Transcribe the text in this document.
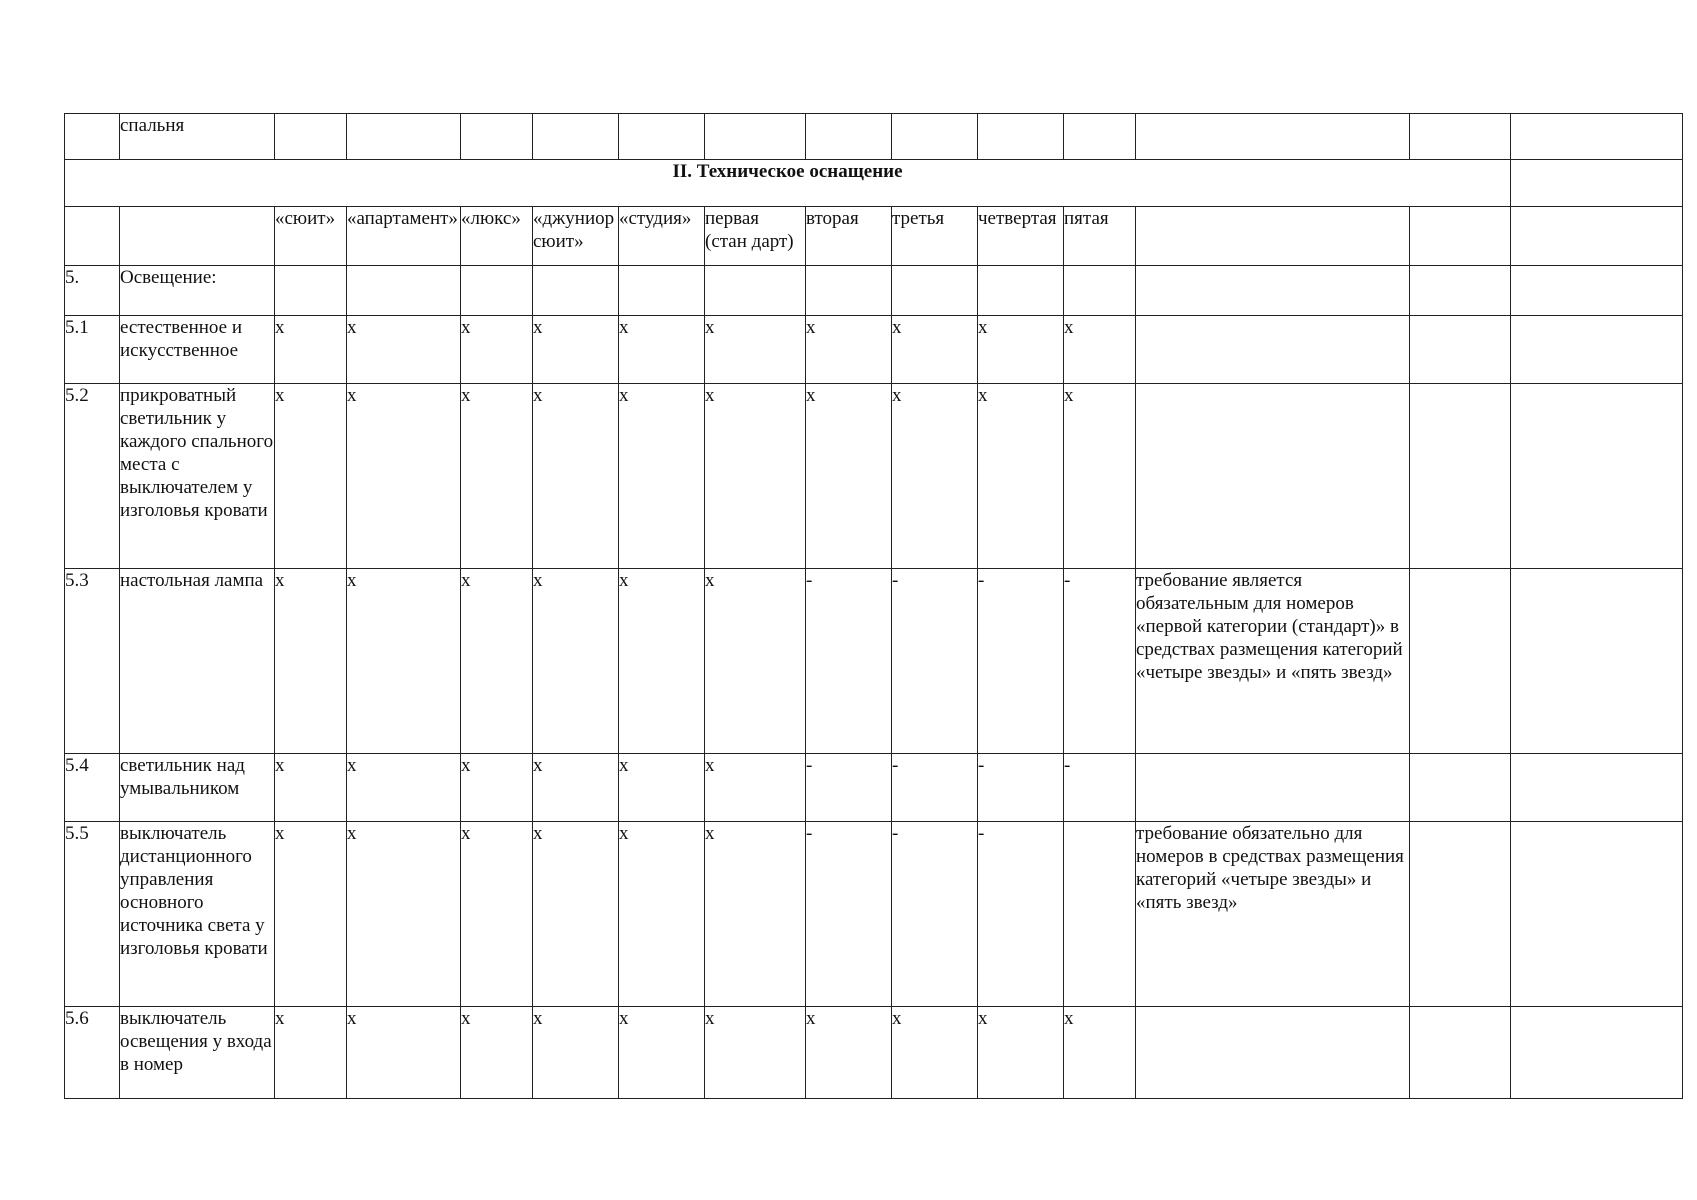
	спальня													
II. Техническое оснащение														
		«сюит»	«апартамент»	«люкс»	«джуниор сюит»	«студия»	первая (стан дарт)	вторая	третья	четвертая	пятая			
5.	Освещение:													
5.1	естественное и искусственное	х	х	х	х	х	х	х	х	х	х			
5.2	прикроватный светильник у каждого спального места с выключателем у изголовья кровати	х	х	х	х	х	х	х	х	х	х			
5.3	настольная лампа	х	х	х	х	х	х	-	-	-	-	требование является обязательным для номеров «первой категории (стандарт)» в средствах размещения категорий «четыре звезды» и «пять звезд»		
5.4	светильник над умывальником	х	х	х	х	х	х	-	-	-	-			
5.5	выключатель дистанционного управления основного источника света у изголовья кровати	х	х	х	х	х	х	-	-	-		требование обязательно для номеров в средствах размещения категорий «четыре звезды» и «пять звезд»		
5.6	выключатель освещения у входа в номер	х	х	х	х	х	х	х	х	х	х			
